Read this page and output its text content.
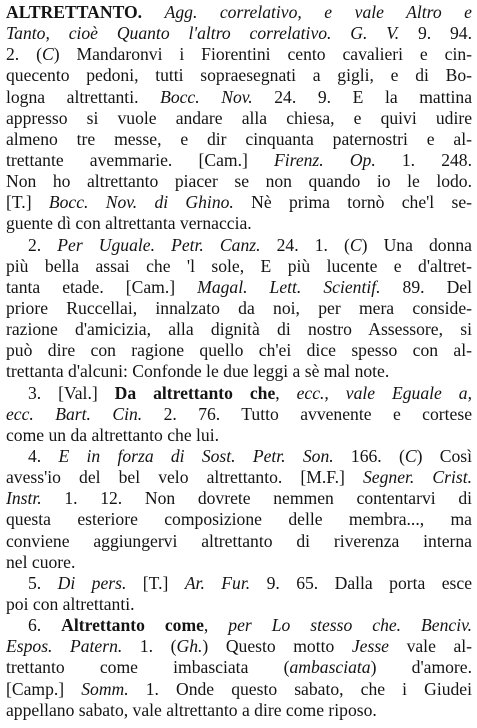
ALTRETTANTO. Agg. correlativo, e vale Altro e
Tanto, cioè Quanto l'altro correlativo. G. V. 9. 94.
2. (C) Mandaronvi i Fiorentini cento cavalieri e cin-
quecento pedoni, tutti sopraesegnati a gigli, e di Bo-
logna altrettanti. Bocc. Nov. 24. 9. E la mattina
appresso si vuole andare alla chiesa, e quivi udire
almeno tre messe, e dir cinquanta paternostri e al-
trettante avemmarie. [Cam.] Firenz. Op. 1. 248.
Non ho altrettanto piacer se non quando io le lodo.
[T.] Bocc. Nov. di Ghino. Nè prima tornò che'l se-
guente dì con altrettanta vernaccia.
2. Per Uguale. Petr. Canz. 24. 1. (C) Una donna
più bella assai che 'l sole, E più lucente e d'altret-
tanta etade. [Cam.] Magal. Lett. Scientif. 89. Del
priore Ruccellai, innalzato da noi, per mera conside-
razione d'amicizia, alla dignità di nostro Assessore, si
può dire con ragione quello ch'ei dice spesso con al-
trettanta d'alcuni: Confonde le due leggi a sè mal note.
3. [Val.] Da altrettanto che, ecc., vale Eguale a,
ecc. Bart. Cin. 2. 76. Tutto avvenente e cortese
come un da altrettanto che lui.
4. E in forza di Sost. Petr. Son. 166. (C) Così
avess'io del bel velo altrettanto. [M.F.] Segner. Crist.
Instr. 1. 12. Non dovrete nemmen contentarvi di
questa esteriore composizione delle membra..., ma
conviene aggiungervi altrettanto di riverenza interna
nel cuore.
5. Di pers. [T.] Ar. Fur. 9. 65. Dalla porta esce
poi con altrettanti.
6. Altrettanto come, per Lo stesso che. Benciv.
Espos. Patern. 1. (Gh.) Questo motto Jesse vale al-
trettanto come imbasciata (ambasciata) d'amore.
[Camp.] Somm. 1. Onde questo sabato, che i Giudei
appellano sabato, vale altrettanto a dire come riposo.
